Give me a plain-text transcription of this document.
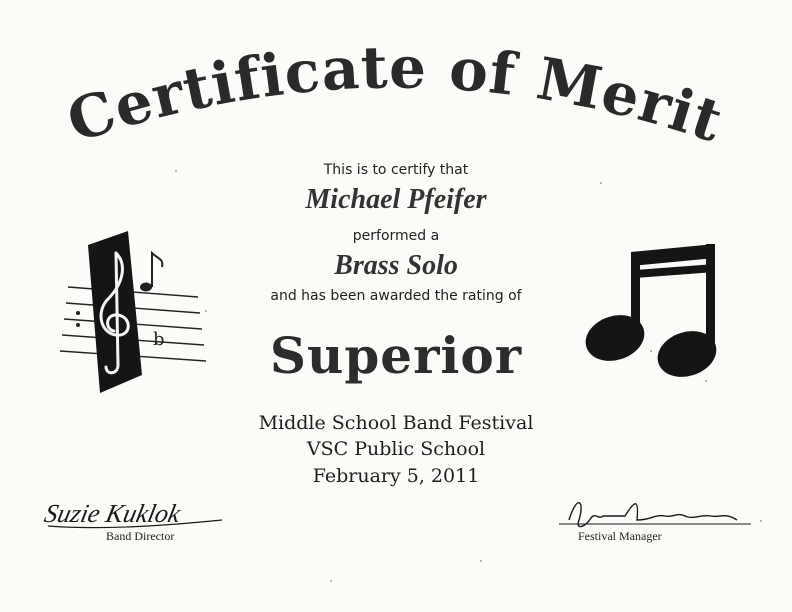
Certificate of Merit
This is to certify that
Michael Pfeifer
performed a
Brass Solo
and has been awarded the rating of
Superior
Middle School Band Festival
VSC Public School
February 5, 2011
b
Suzie Kuklok
Band Director	Festival Manager
